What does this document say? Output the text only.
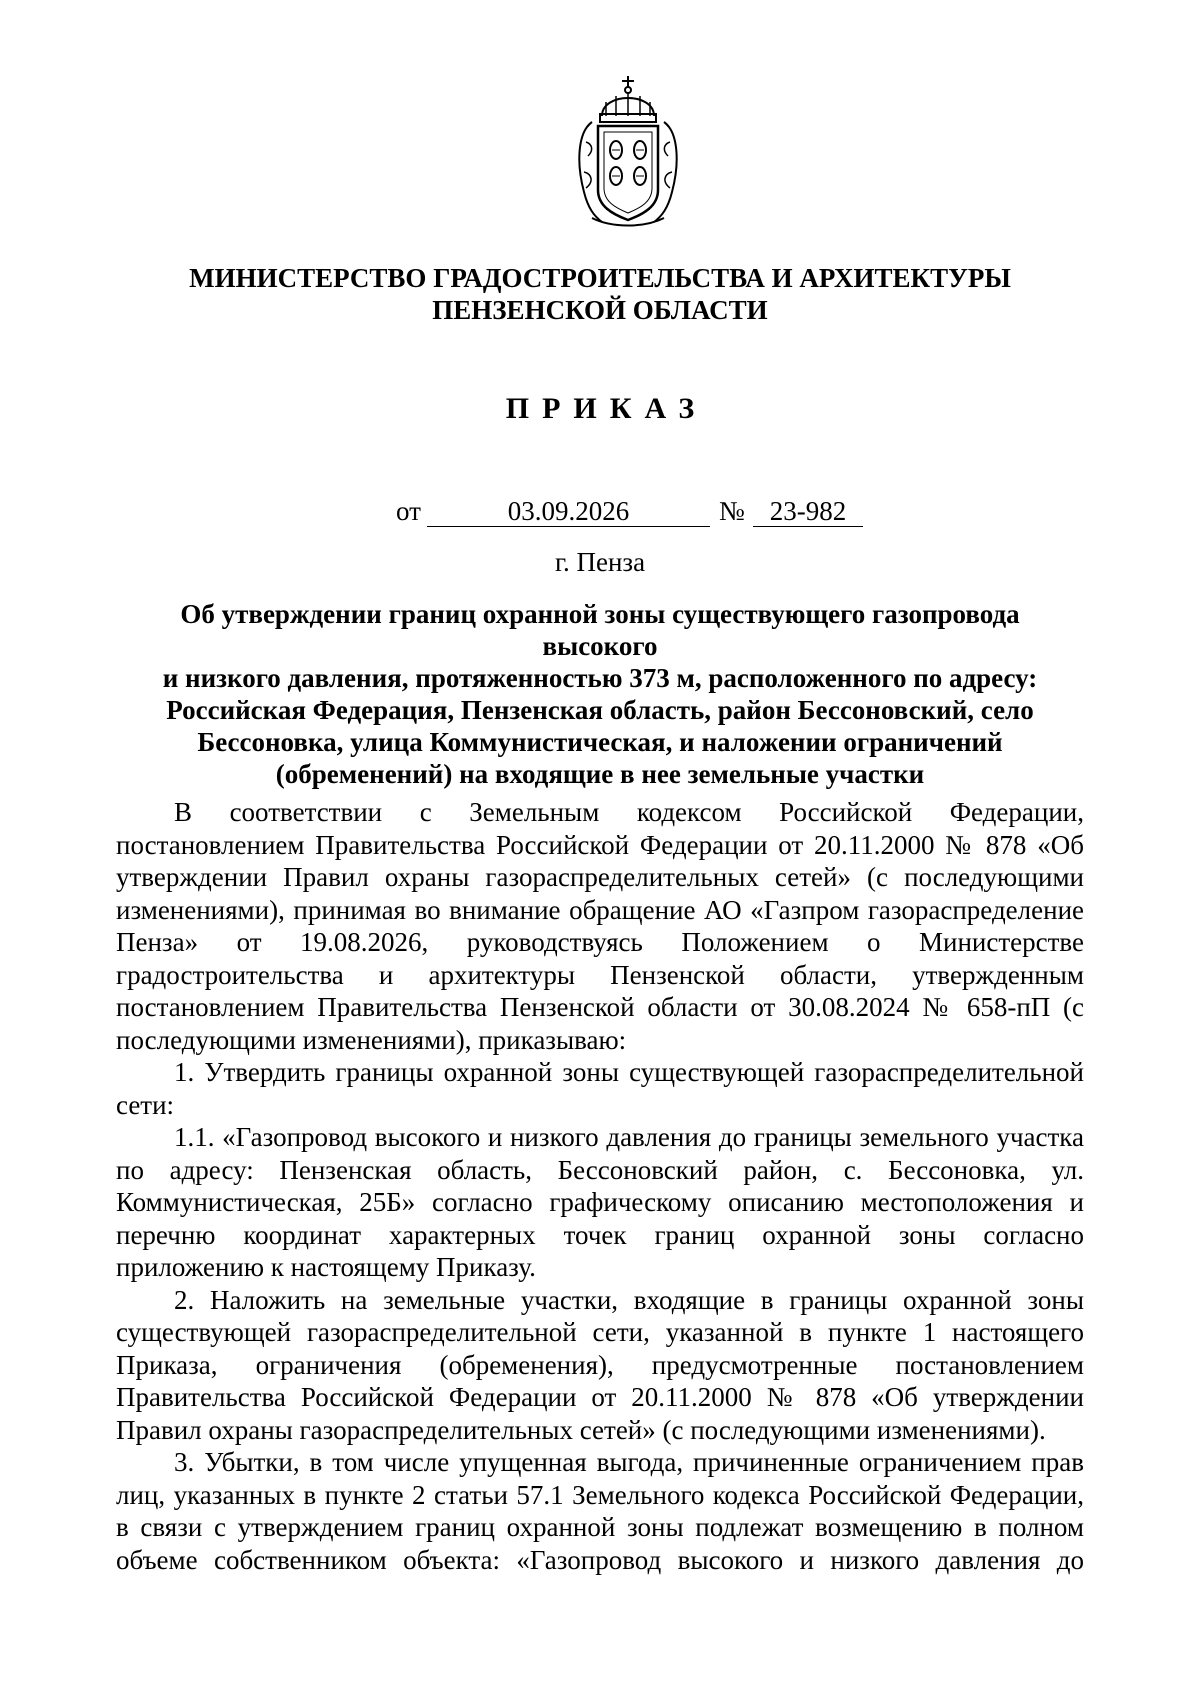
МИНИСТЕРСТВО ГРАДОСТРОИТЕЛЬСТВА И АРХИТЕКТУРЫ
ПЕНЗЕНСКОЙ ОБЛАСТИ
ПРИКАЗ
от	03.09.2026	№ 23-982
г. Пенза
Об утверждении границ охранной зоны существующего газопровода высокого
и низкого давления, протяженностью 373 м, расположенного по адресу:
Российская Федерация, Пензенская область, район Бессоновский, село
Бессоновка, улица Коммунистическая, и наложении ограничений
(обременений) на входящие в нее земельные участки

В соответствии с Земельным кодексом Российской Федерации, постановлением Правительства Российской Федерации от 20.11.2000 № 878 «Об утверждении Правил охраны газораспределительных сетей» (с последующими изменениями), принимая во внимание обращение АО «Газпром газораспределение Пенза» от 19.08.2026, руководствуясь Положением о Министерстве градостроительства и архитектуры Пензенской области, утвержденным постановлением Правительства Пензенской области от 30.08.2024 № 658-пП (с последующими изменениями), приказываю:

1. Утвердить границы охранной зоны существующей газораспределительной сети:

1.1. «Газопровод высокого и низкого давления до границы земельного участка по адресу: Пензенская область, Бессоновский район, с. Бессоновка, ул. Коммунистическая, 25Б» согласно графическому описанию местоположения и перечню координат характерных точек границ охранной зоны согласно приложению к настоящему Приказу.

2. Наложить на земельные участки, входящие в границы охранной зоны существующей газораспределительной сети, указанной в пункте 1 настоящего Приказа, ограничения (обременения), предусмотренные постановлением Правительства Российской Федерации от 20.11.2000 № 878 «Об утверждении Правил охраны газораспределительных сетей» (с последующими изменениями).

3. Убытки, в том числе упущенная выгода, причиненные ограничением прав лиц, указанных в пункте 2 статьи 57.1 Земельного кодекса Российской Федерации, в связи с утверждением границ охранной зоны подлежат возмещению в полном объеме собственником объекта: «Газопровод высокого и низкого давления до
